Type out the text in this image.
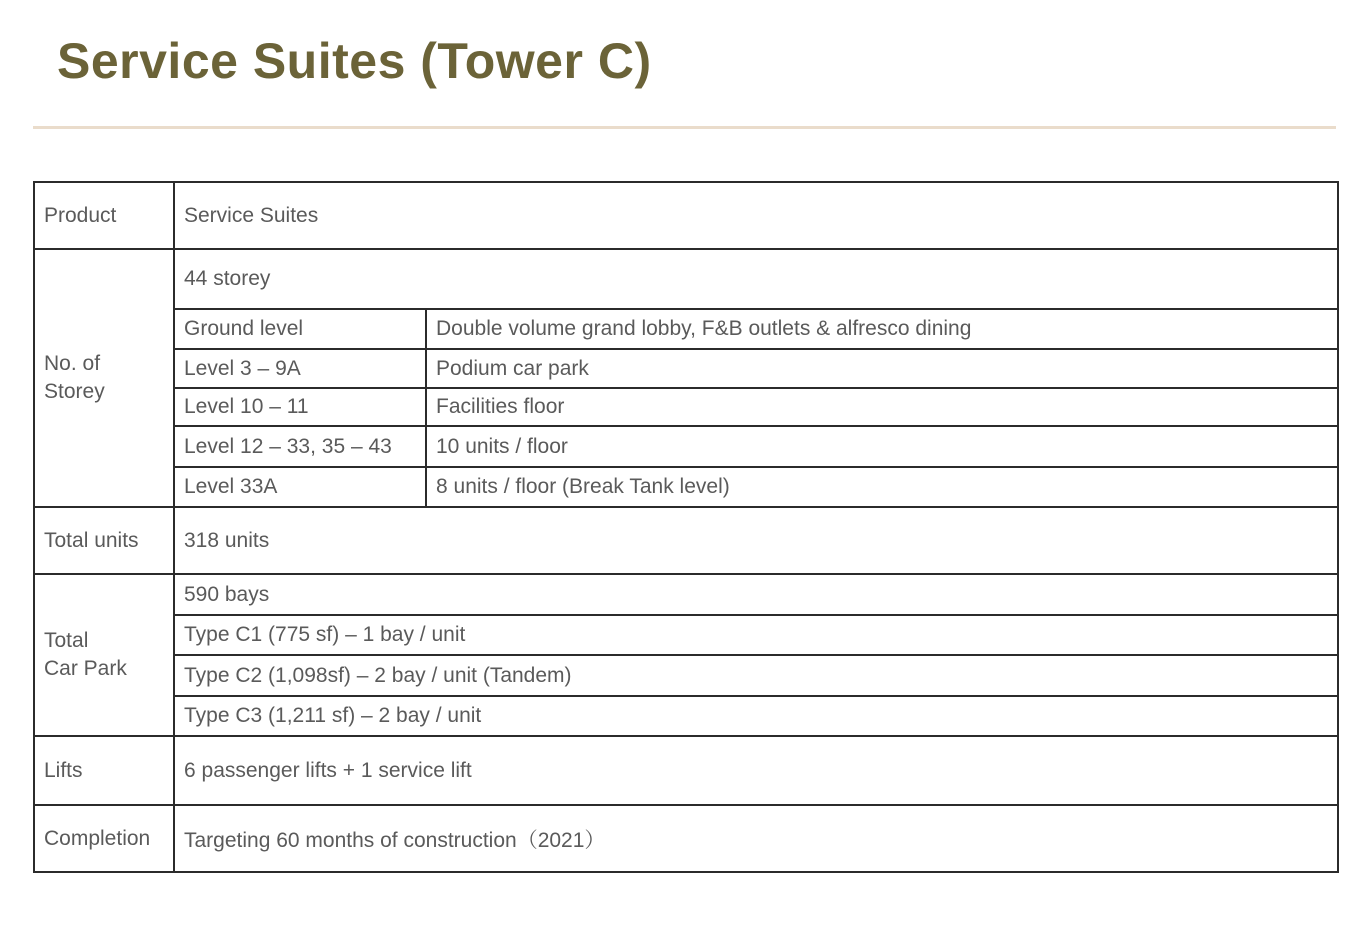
Service Suites (Tower C)
Product	Service Suites	

No. of
Storey	44 storey	
	Ground level	Double volume grand lobby, F&B outlets & alfresco dining
	Level 3 – 9A	Podium car park
	Level 10 – 11	Facilities floor
	Level 12 – 33, 35 – 43	10 units / floor
	Level 33A	8 units / floor (Break Tank level)
Total units	318 units	

Total
Car Park	590 bays	
	Type C1 (775 sf) – 1 bay / unit	
	Type C2 (1,098sf) – 2 bay / unit (Tandem)	
	Type C3 (1,211 sf) – 2 bay / unit	
Lifts	6 passenger lifts + 1 service lift	
Completion	Targeting 60 months of construction（2021）	
